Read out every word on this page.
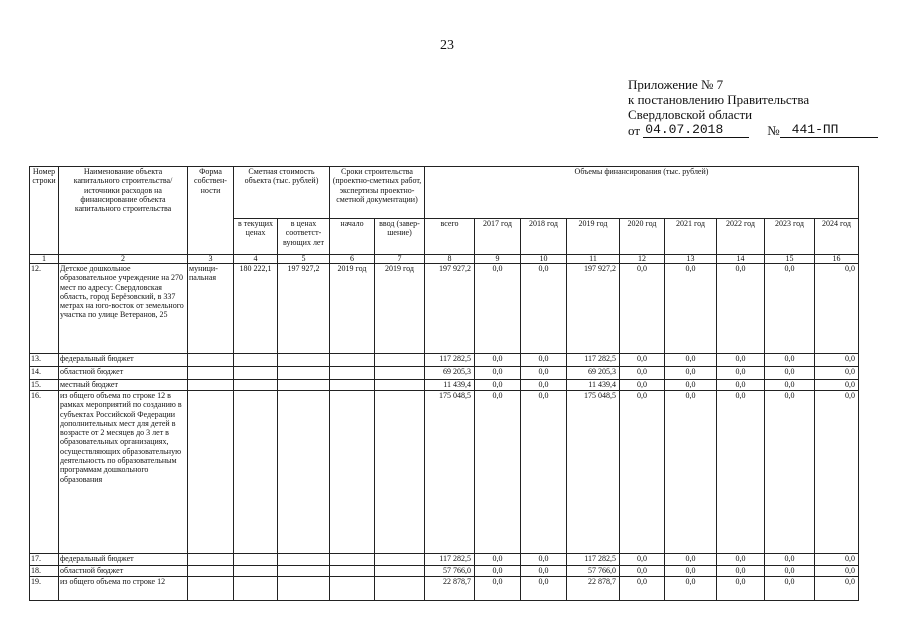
23
Приложение № 7
к постановлению Правительства
Свердловской области
от
04.07.2018	№ 441-ПП
Номер строки	Наименование объекта капитального строительства/ источники расходов на финансирование объекта капитального строительства	Форма собствен-ности	Сметная стоимость объекта (тыс. рублей)		Сроки строительства (проектно-сметных работ, экспертизы проектно-сметной документации)		Объемы финансирования (тыс. рублей)								
			в текущих ценах	в ценах соответст-вующих лет	начало	ввод (завер-шение)	всего	2017 год	2018 год	2019 год	2020 год	2021 год	2022 год	2023 год	2024 год
1	2	3	4	5	6	7	8	9	10	11	12	13	14	15	16
12.	Детское дошкольное образовательное учреждение на 270 мест по адресу: Свердловская область, город Берёзовский, в 337 метрах на юго-восток от земельного участка по улице Ветеранов, 25	муници-пальная	180 222,1	197 927,2	2019 год	2019 год	197 927,2	0,0	0,0	197 927,2	0,0	0,0	0,0	0,0	0,0
13.	федеральный бюджет						117 282,5	0,0	0,0	117 282,5	0,0	0,0	0,0	0,0	0,0
14.	областной бюджет						69 205,3	0,0	0,0	69 205,3	0,0	0,0	0,0	0,0	0,0
15.	местный бюджет						11 439,4	0,0	0,0	11 439,4	0,0	0,0	0,0	0,0	0,0
16.	из общего объема по строке 12 в рамках мероприятий по созданию в субъектах Российской Федерации дополнительных мест для детей в возрасте от 2 месяцев до 3 лет в образовательных организациях, осуществляющих образовательную деятельность по образовательным программам дошкольного образования						175 048,5	0,0	0,0	175 048,5	0,0	0,0	0,0	0,0	0,0
17.	федеральный бюджет						117 282,5	0,0	0,0	117 282,5	0,0	0,0	0,0	0,0	0,0
18.	областной бюджет						57 766,0	0,0	0,0	57 766,0	0,0	0,0	0,0	0,0	0,0
19.	из общего объема по строке 12						22 878,7	0,0	0,0	22 878,7	0,0	0,0	0,0	0,0	0,0
